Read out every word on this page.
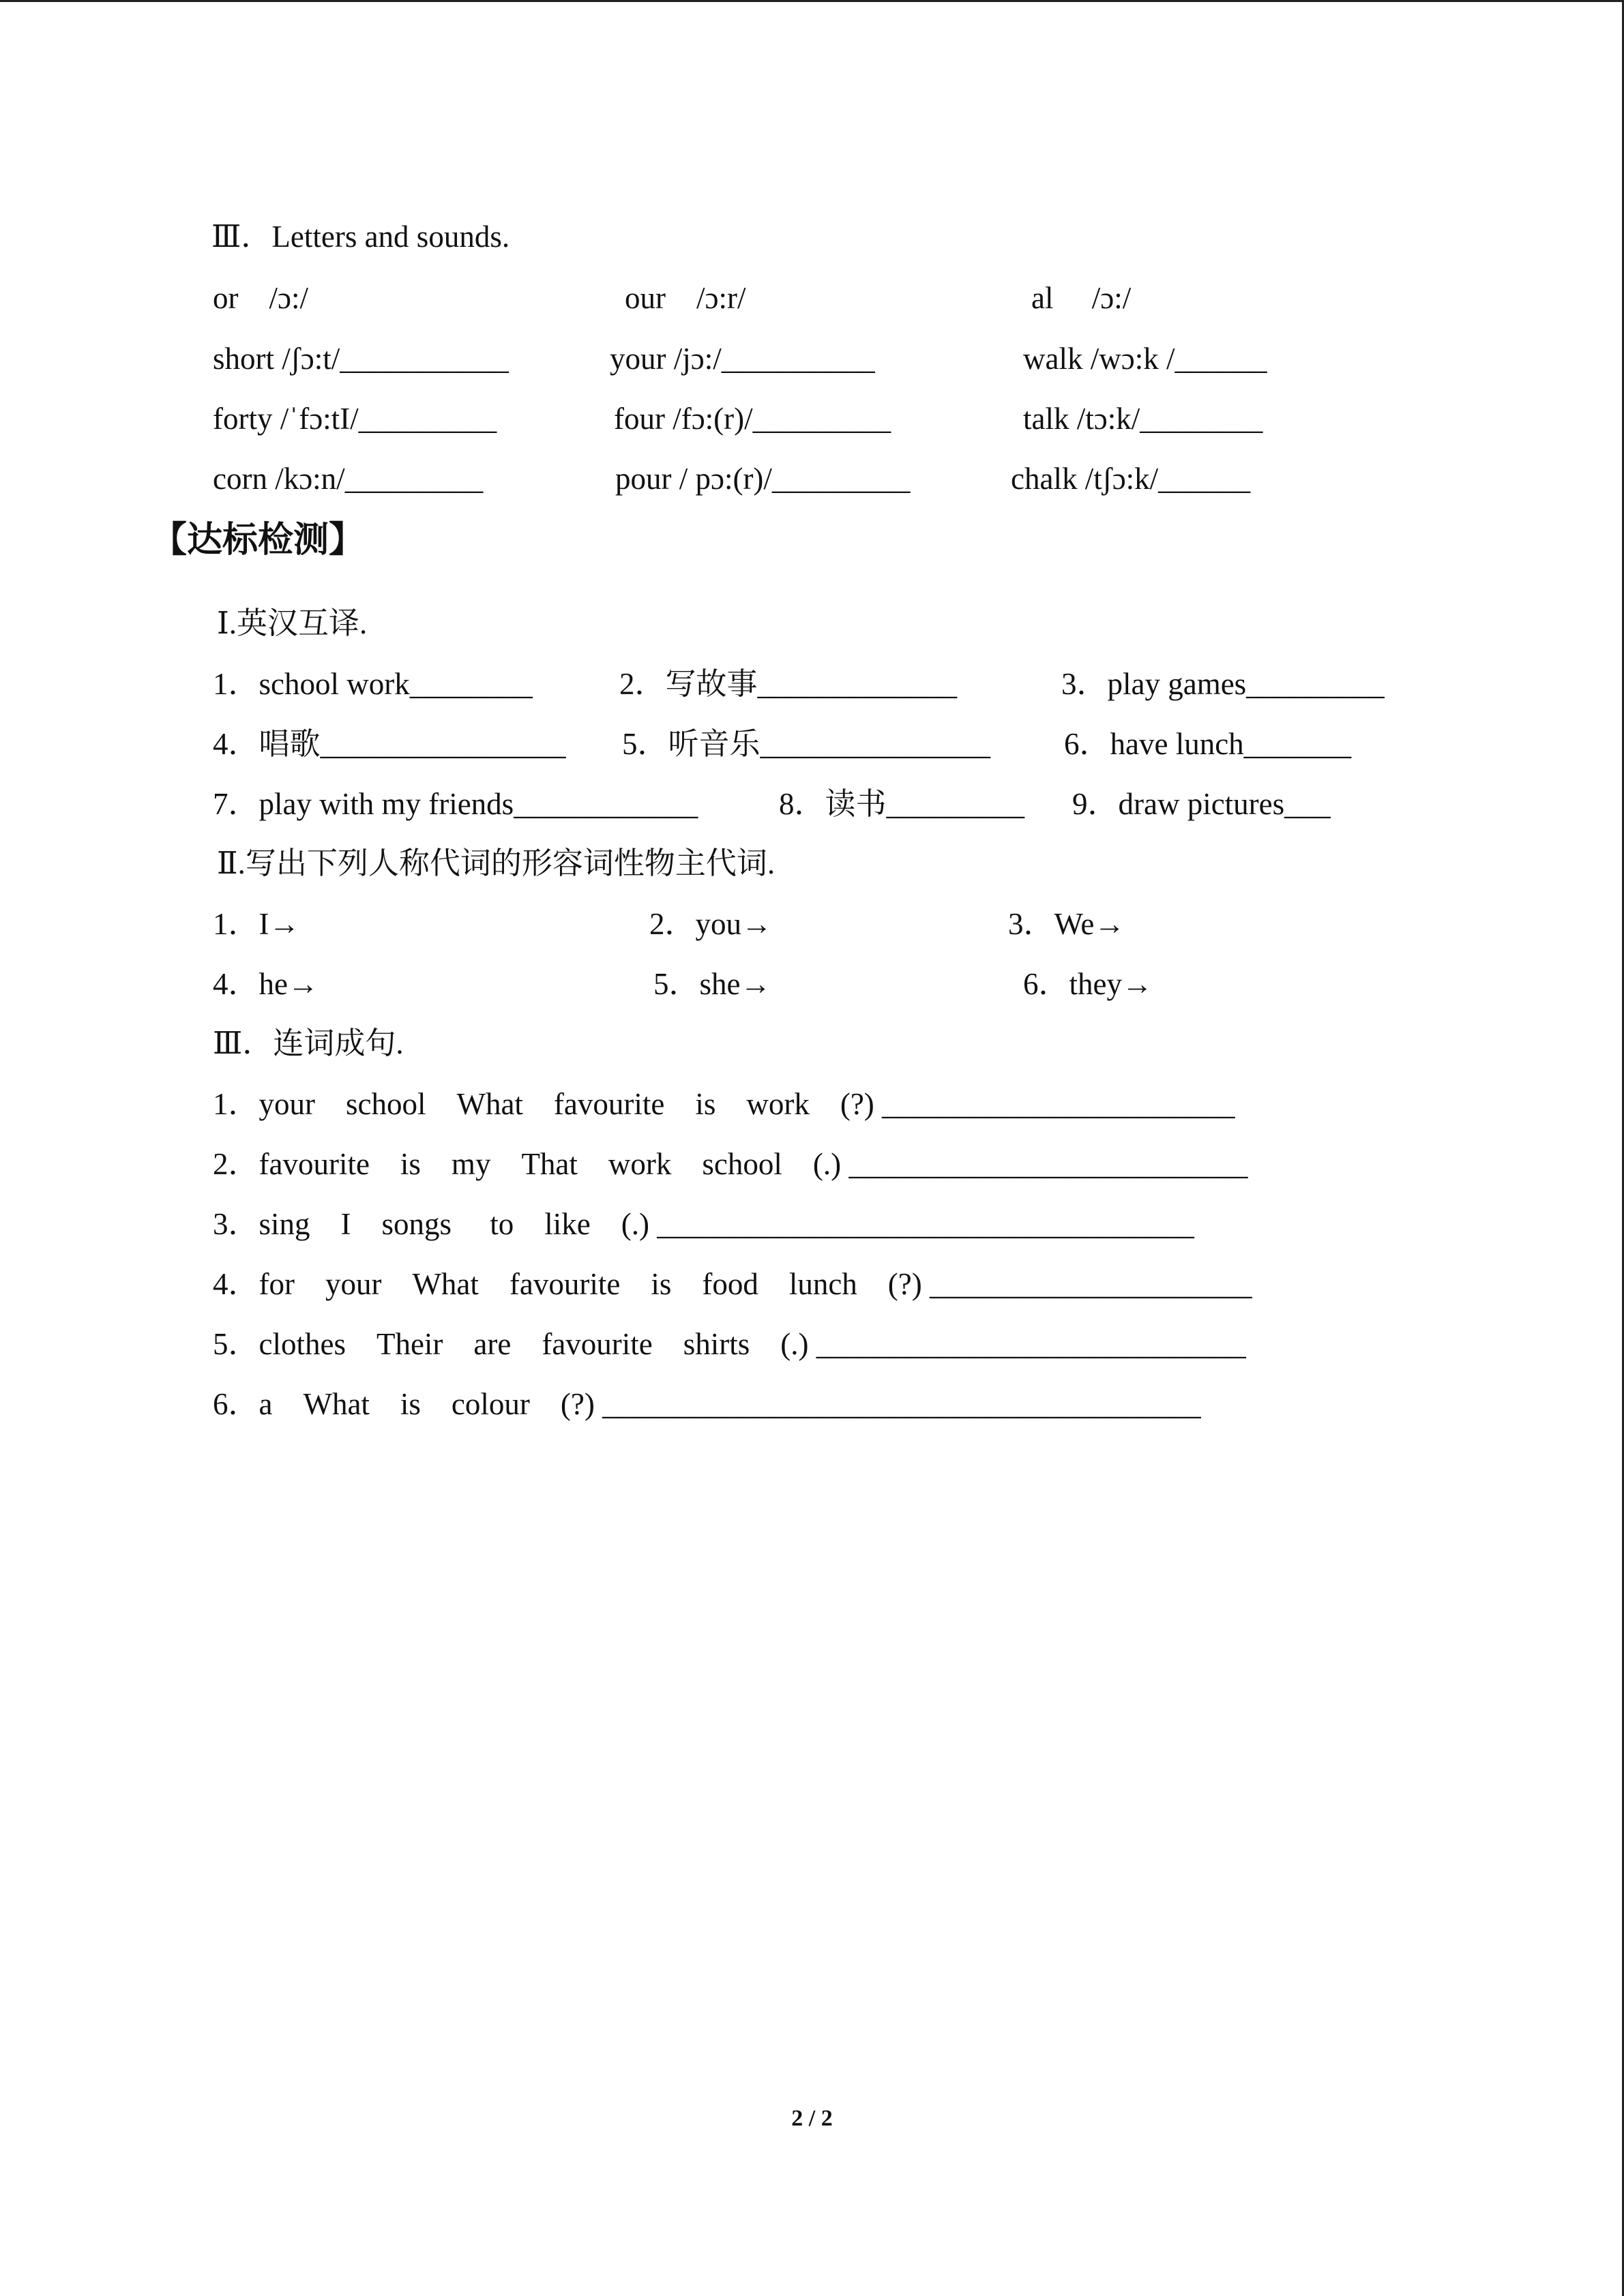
Ⅲ．Letters and sounds.
or　/ɔ:/	our　/ɔ:r/	al　 /ɔ:/
short /ʃɔ:t/___________	your /jɔ:/__________	walk /wɔ:k /______
forty /ˈfɔ:tI/_________	four /fɔ:(r)/_________	talk /tɔ:k/________
corn /kɔ:n/_________	pour / pɔ:(r)/_________	chalk /tʃɔ:k/______
【达标检测】
Ⅰ.英汉互译.
1．school work________	2．写故事_____________	3．play games_________
4．唱歌________________ 5．听音乐_______________ 6．have lunch_______
7．play with my friends____________	8．读书_________ 9．draw pictures___
Ⅱ.写出下列人称代词的形容词性物主代词.
1．I→	2．you→	3．We→
4．he→	5．she→	6．they→
Ⅲ．连词成句.
1．your　school　What　favourite　is　work　(?) _______________________
2．favourite　is　my　That　work　school　(.) __________________________
3．sing　I　songs　 to　like　(.) ___________________________________
4．for　your　What　favourite　is　food　lunch　(?) _____________________
5．clothes　Their　are　favourite　shirts　(.) ____________________________
6．a　What　is　colour　(?) _______________________________________
2 / 2
